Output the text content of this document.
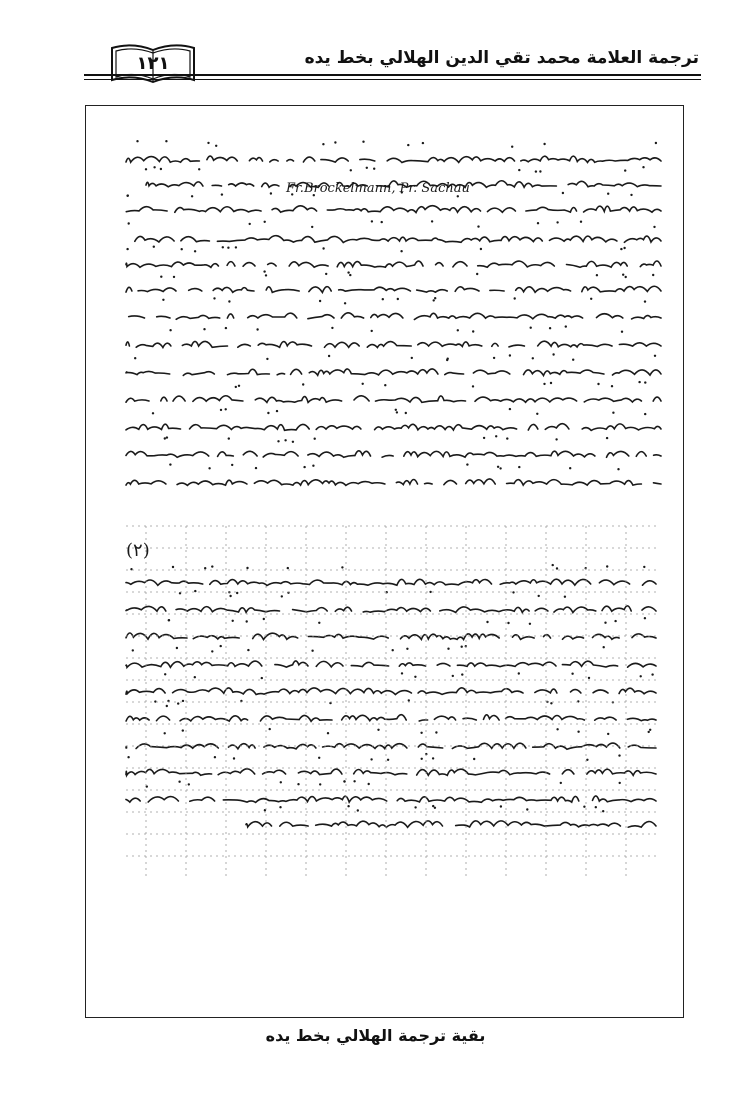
ترجمة العلامة محمد تقي الدين الهلالي بخط يده
١٢١
(٢)
Fr.Brockelmann, Pr. Sachau
بقية ترجمة الهلالي بخط يده
